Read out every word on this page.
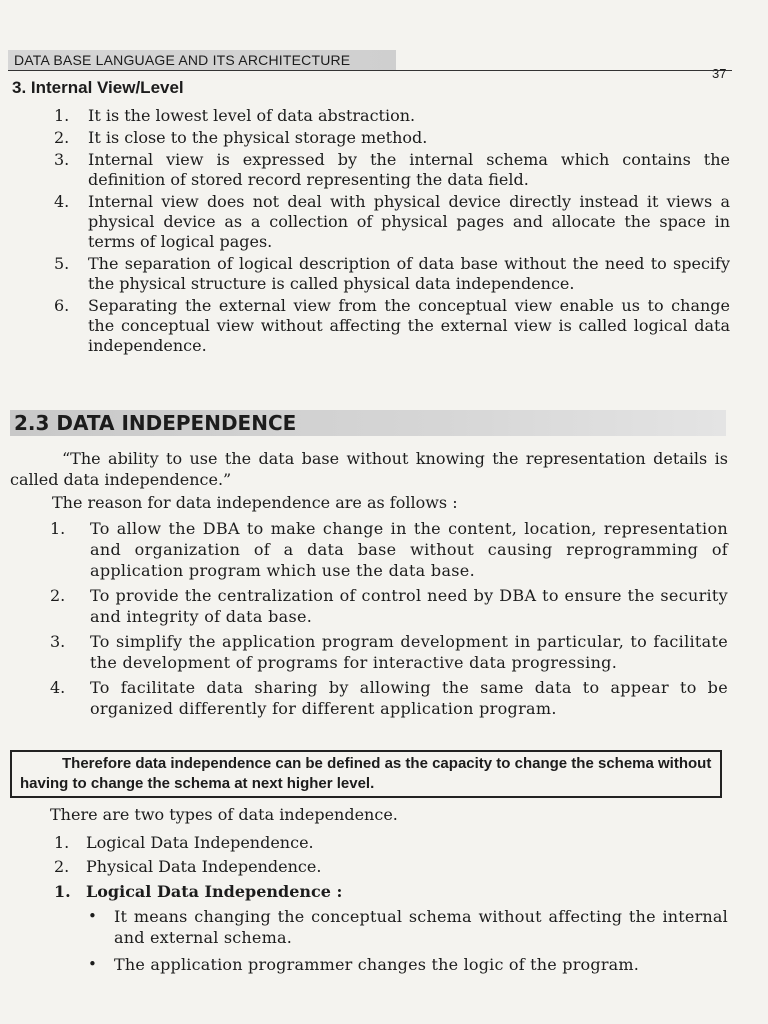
DATA BASE LANGUAGE AND ITS ARCHITECTURE
37
3. Internal View/Level
1.	It is the lowest level of data abstraction.
2.	It is close to the physical storage method.
3.	Internal view is expressed by the internal schema which contains the definition of stored record representing the data field.
4.	Internal view does not deal with physical device directly instead it views a physical device as a collection of physical pages and allocate the space in terms of logical pages.
5.	The separation of logical description of data base without the need to specify the physical structure is called physical data independence.
6.	Separating the external view from the conceptual view enable us to change the conceptual view without affecting the external view is called logical data independence.
2.3 DATA INDEPENDENCE

“The ability to use the data base without knowing the representation details is called data independence.”

The reason for data independence are as follows :

1.	To allow the DBA to make change in the content, location, representation and organization of a data base without causing reprogramming of application program which use the data base.
2.	To provide the centralization of control need by DBA to ensure the security and integrity of data base.
3.	To simplify the application program development in particular, to facilitate the development of programs for interactive data progressing.
4.	To facilitate data sharing by allowing the same data to appear to be organized differently for different application program.
Therefore data independence can be defined as the capacity to change the schema without having to change the schema at next higher level.

There are two types of data independence.

1.	Logical Data Independence.
2.	Physical Data Independence.
1. Logical Data Independence :
•	It means changing the conceptual schema without affecting the internal and external schema.
•	The application programmer changes the logic of the program.
